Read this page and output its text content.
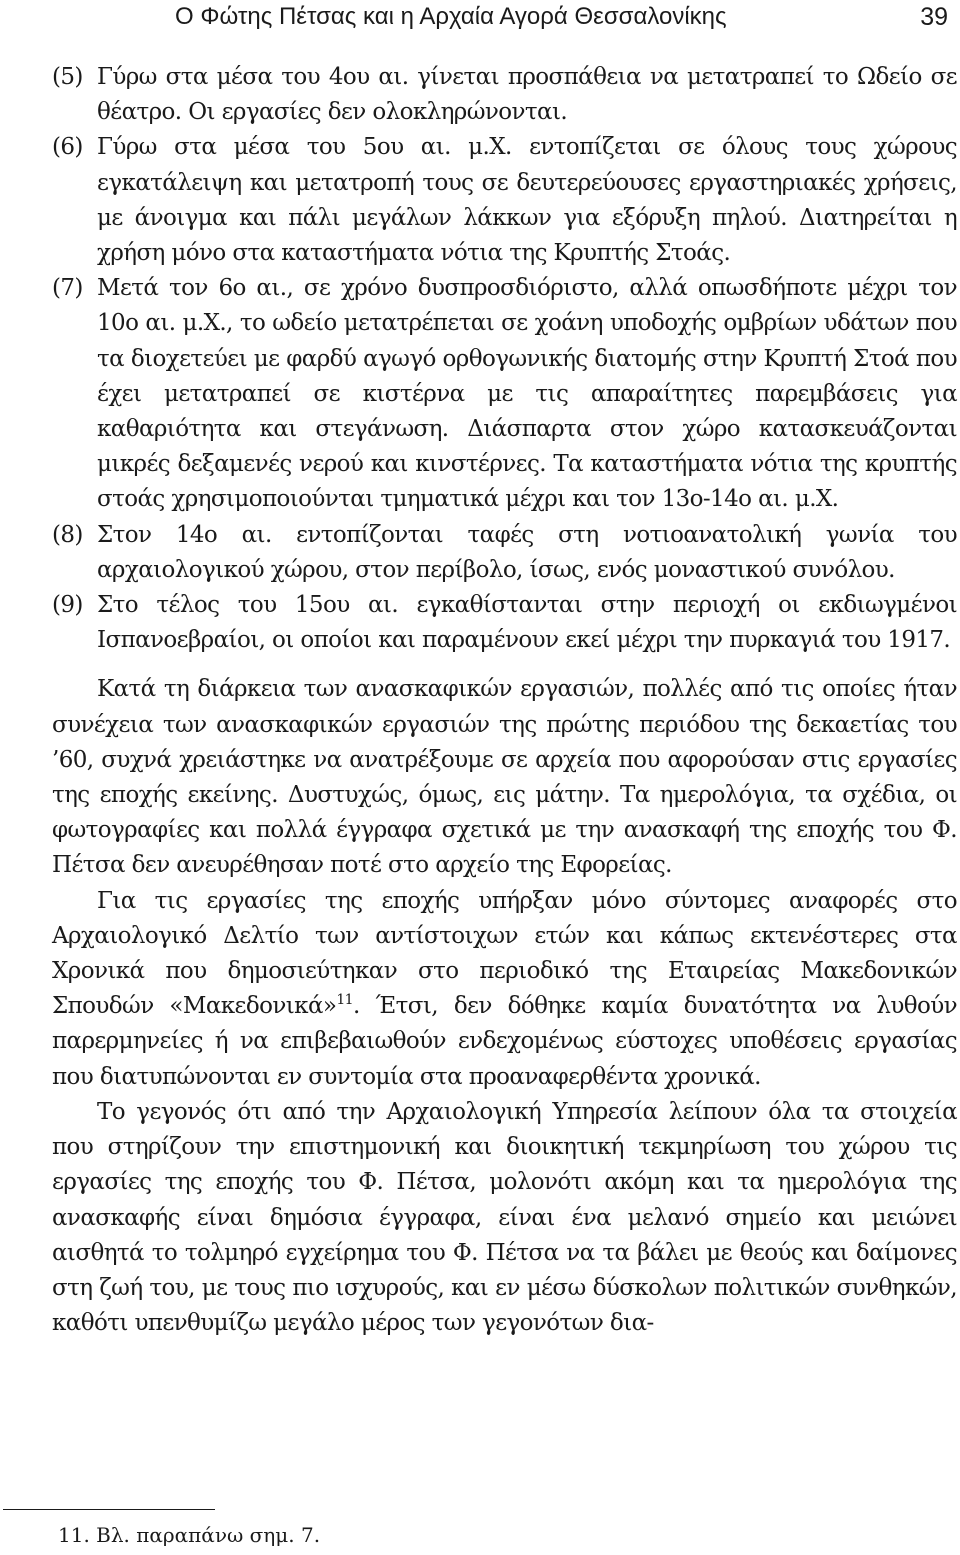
Ο Φώτης Πέτσας και η Αρχαία Αγορά Θεσσαλονίκης	39
(5) Γύρω στα μέσα του 4ου αι. γίνεται προσπάθεια να μετατραπεί το Ωδείο σε θέατρο. Οι εργασίες δεν ολοκληρώνονται.
(6) Γύρω στα μέσα του 5ου αι. μ.Χ. εντοπίζεται σε όλους τους χώρους εγκατάλειψη και μετατροπή τους σε δευτερεύουσες εργαστηριακές χρήσεις, με άνοιγμα και πάλι μεγάλων λάκκων για εξόρυξη πηλού. Διατηρείται η χρήση μόνο στα καταστήματα νότια της Κρυπτής Στοάς.
(7) Μετά τον 6ο αι., σε χρόνο δυσπροσδιόριστο, αλλά οπωσδήποτε μέχρι τον 10ο αι. μ.Χ., το ωδείο μετατρέπεται σε χοάνη υποδοχής ομβρίων υδάτων που τα διοχετεύει με φαρδύ αγωγό ορθογωνικής διατομής στην Κρυπτή Στοά που έχει μετατραπεί σε κιστέρνα με τις απαραίτητες παρεμβάσεις για καθαριότητα και στεγάνωση. Διάσπαρτα στον χώρο κατασκευάζονται μικρές δεξαμενές νερού και κινστέρνες. Τα καταστήματα νότια της κρυπτής στοάς χρησιμοποιούνται τμηματικά μέχρι και τον 13ο-14ο αι. μ.Χ.
(8) Στον 14ο αι. εντοπίζονται ταφές στη νοτιοανατολική γωνία του αρχαιολογικού χώρου, στον περίβολο, ίσως, ενός μοναστικού συνόλου.
(9) Στο τέλος του 15ου αι. εγκαθίστανται στην περιοχή οι εκδιωγμένοι Ισπανοεβραίοι, οι οποίοι και παραμένουν εκεί μέχρι την πυρκαγιά του 1917.

Κατά τη διάρκεια των ανασκαφικών εργασιών, πολλές από τις οποίες ήταν συνέχεια των ανασκαφικών εργασιών της πρώτης περιόδου της δεκαετίας του ’60, συχνά χρειάστηκε να ανατρέξουμε σε αρχεία που αφορούσαν στις εργασίες της εποχής εκείνης. Δυστυχώς, όμως, εις μάτην. Τα ημερολόγια, τα σχέδια, οι φωτογραφίες και πολλά έγγραφα σχετικά με την ανασκαφή της εποχής του Φ. Πέτσα δεν ανευρέθησαν ποτέ στο αρχείο της Εφορείας.

Για τις εργασίες της εποχής υπήρξαν μόνο σύντομες αναφορές στο Αρχαιολογικό Δελτίο των αντίστοιχων ετών και κάπως εκτενέστερες στα Χρονικά που δημοσιεύτηκαν στο περιοδικό της Εταιρείας Μακεδονικών Σπουδών «Μακεδονικά»$^{11}$. Έτσι, δεν δόθηκε καμία δυνατότητα να λυθούν παρερμηνείες ή να επιβεβαιωθούν ενδεχομένως εύστοχες υποθέσεις εργασίας που διατυπώνονται εν συντομία στα προαναφερθέντα χρονικά.

Το γεγονός ότι από την Αρχαιολογική Υπηρεσία λείπουν όλα τα στοιχεία που στηρίζουν την επιστημονική και διοικητική τεκμηρίωση του χώρου τις εργασίες της εποχής του Φ. Πέτσα, μολονότι ακόμη και τα ημερολόγια της ανασκαφής είναι δημόσια έγγραφα, είναι ένα μελανό σημείο και μειώνει αισθητά το τολμηρό εγχείρημα του Φ. Πέτσα να τα βάλει με θεούς και δαίμονες στη ζωή του, με τους πιο ισχυρούς, και εν μέσω δύσκολων πολιτικών συνθηκών, καθότι υπενθυμίζω μεγάλο μέρος των γεγονότων δια-

11. Βλ. παραπάνω σημ. 7.
